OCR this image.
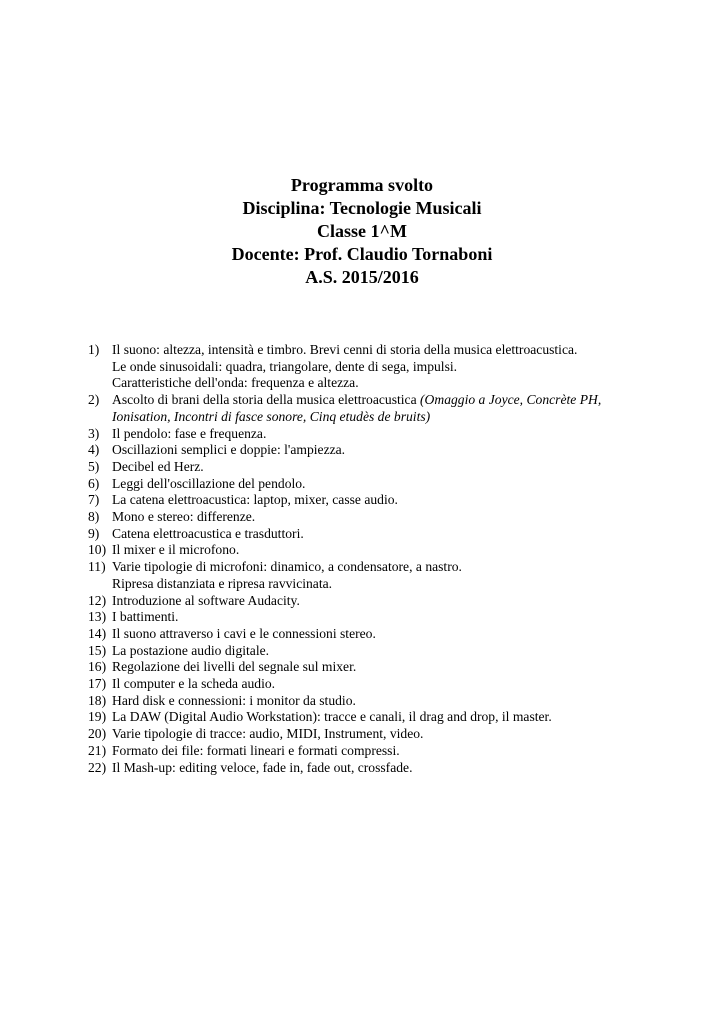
Programma svolto
Disciplina: Tecnologie Musicali
Classe 1^M
Docente: Prof. Claudio Tornaboni
A.S. 2015/2016
1) Il suono: altezza, intensità e timbro. Brevi cenni di storia della musica elettroacustica.
Le onde sinusoidali: quadra, triangolare, dente di sega, impulsi.
Caratteristiche dell'onda: frequenza e altezza.
2) Ascolto di brani della storia della musica elettroacustica (Omaggio a Joyce, Concrète PH,
Ionisation, Incontri di fasce sonore, Cinq etudès de bruits)
3) Il pendolo: fase e frequenza.
4) Oscillazioni semplici e doppie: l'ampiezza.
5) Decibel ed Herz.
6) Leggi dell'oscillazione del pendolo.
7) La catena elettroacustica: laptop, mixer, casse audio.
8) Mono e stereo: differenze.
9) Catena elettroacustica e trasduttori.
10) Il mixer e il microfono.
11) Varie tipologie di microfoni: dinamico, a condensatore, a nastro.
Ripresa distanziata e ripresa ravvicinata.
12) Introduzione al software Audacity.
13) I battimenti.
14) Il suono attraverso i cavi e le connessioni stereo.
15) La postazione audio digitale.
16) Regolazione dei livelli del segnale sul mixer.
17) Il computer e la scheda audio.
18) Hard disk e connessioni: i monitor da studio.
19) La DAW (Digital Audio Workstation): tracce e canali, il drag and drop, il master.
20) Varie tipologie di tracce: audio, MIDI, Instrument, video.
21) Formato dei file: formati lineari e formati compressi.
22) Il Mash-up: editing veloce, fade in, fade out, crossfade.
